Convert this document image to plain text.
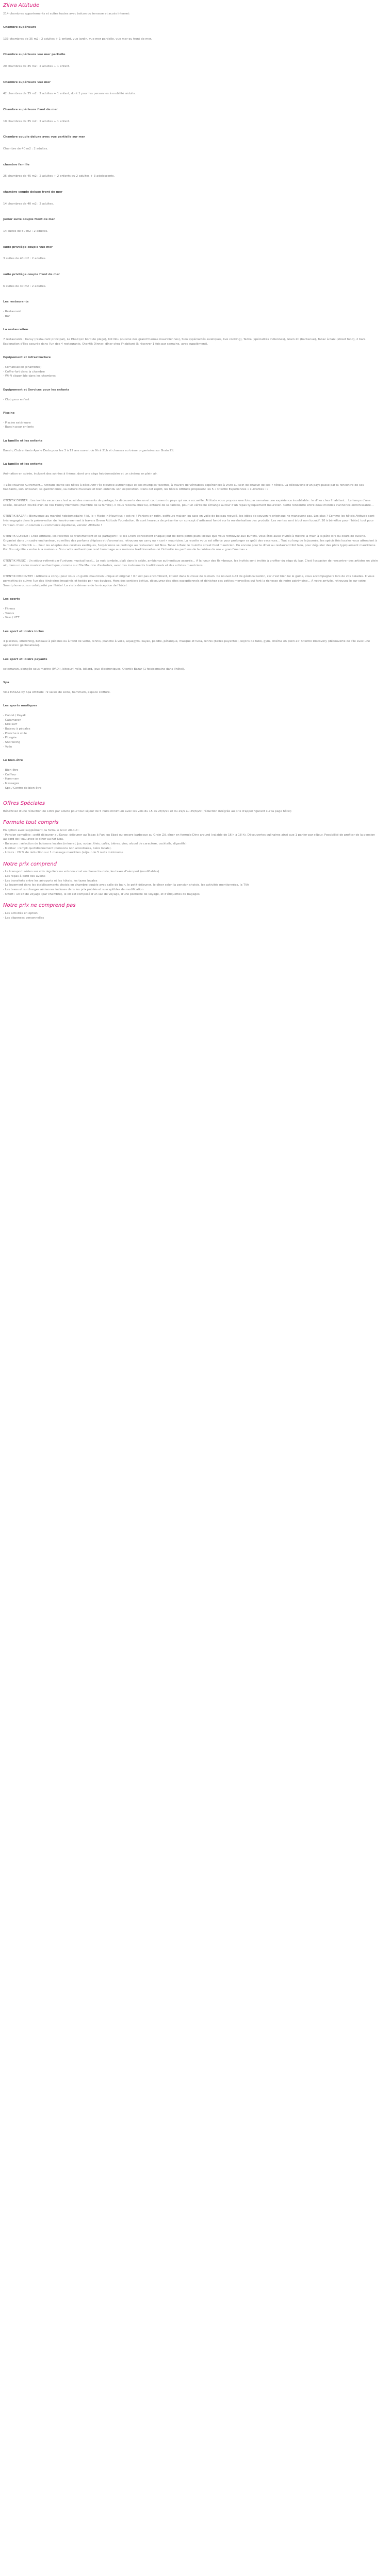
Zilwa Attitude

214 chambres appartements et suites toutes avec balcon ou terrasse et accès internet:

Chambre supérieure
133 chambres de 35 m2 : 2 adultes + 1 enfant, vue jardin, vue mer partielle, vue mer ou front de mer.
Chambre supérieure vue mer partielle
20 chambres de 35 m2 : 2 adultes + 1 enfant.
Chambre supérieure vue mer
42 chambres de 35 m2 : 2 adultes + 1 enfant, dont 1 pour les personnes à mobilité réduite.
Chambre supérieure front de mer
10 chambres de 35 m2 : 2 adultes + 1 enfant.
Chambre couple deluxe avec vue partielle sur mer
Chambre de 40 m2 : 2 adultes.
chambre famille
25 chambres de 45 m2 : 2 adultes + 2 enfants ou 2 adultes + 3 adolescents.
chambre couple deluxe front de mer
14 chambres de 40 m2 : 2 adultes.
junior suite couple front de mer
14 suites de 50 m2 : 2 adultes.
suite privilège couple vue mer
3 suites de 40 m2 : 2 adultes.
suite privilège couple front de mer
6 suites de 40 m2 : 2 adultes.
Les restaurants
- Restaurant
- Bar
La restauration
7 restaurants : Karay (restaurant principal), Le Ebad (en bord de plage), Kot Nou (cuisine des grand'mamas mauriciennes), Slow (spécialités asiatiques, live cooking), Tadka (spécialités indiennes), Grain Zil (barbecue), Tabac à Pani (street food), 2 bars. Exploration d'îles assurée dans l'un des 4 restaurants. Otentik Dinner, dîner chez l'habitant (à réserver 1 fois par semaine, avec supplément).
Equipement et infrastructure
- Climatisation (chambres)
- Coffre-fort dans la chambre
- Wi-Fi disponible dans les chambres
Equipement et Services pour les enfants
- Club pour enfant
Piscine
- Piscine extérieure
- Bassin pour enfants
La famille et les enfants
Bassin, Club enfants Ayo le Dodo pour les 3 à 12 ans ouvert de 9h à 21h et chasses au trésor organisées sur Grain Zil.
La famille et les enfants

Animation en soirée, incluant des soirées à thème, dont une séga hebdomadaire et un cinéma en plein air.

« L'île Maurice Autrement... Attitude invite ses hôtes à découvrir l'île Maurice authentique et ses multiples facettes, à travers de véritables expériences à vivre au sein de chacun de ses 7 hôtels. La découverte d'un pays passe par la rencontre de ses habitants, son artisanat, sa gastronomie, sa culture musicale et bien entendu son exploration. Dans cet esprit, les hôtels Attitude proposent les 5 « Otentik Experiences » suivantes : »

OTENTIK DINNER : Les invités vacances c'est aussi des moments de partage, la découverte des us et coutumes du pays qui nous accueille. Attitude vous propose une fois par semaine une expérience inoubliable : le dîner chez l'habitant... Le temps d'une soirée, devenez l'invité d'un de nos Family Members (membre de la famille). Il vous recevra chez lui, entouré de sa famille, pour un véritable échange autour d'un repas typiquement mauricien. Cette rencontre entre deux mondes s'annonce enrichissante...

OTENTIK BAZAR : Bienvenue au marché hebdomadaire ! Ici, le « Made in Mauritius » est roi ! Paniers en rotin, coiffeurs maison ou sacs en voile de bateau recyclé, les idées de souvenirs originaux ne manquent pas. Les plus ? Comme les hôtels Attitude sont très engagés dans la préservation de l'environnement à travers Green Attitude Foundation, ils sont heureux de présenter un concept d'artisanat fondé sur la revalorisation des produits. Les ventes sont à but non lucratif, 20 à bénéfice pour l'hôtel, tout pour l'artisan. C'est un soutien au commerce équitable, version Attitude !

OTENTIK CUISINE : Chez Attitude, les recettes se transmettent et se partagent ! Si les Chefs concoctent chaque jour de bons petits plats locaux que vous retrouvez aux buffets, vous êtes aussi invités à mettre la main à la pâte lors du cours de cuisine. Organisé dans un cadre enchanteur, au milieu des parfums d'épices et d'aromates, retrouvez un carry ou « cari » mauricien. La recette vous est offerte pour prolonger ce goût des vacances... Tout au long de la journée, les spécialités locales vous attendent à la roulotte « Otentik »... Pour les adeptes des cuisines exotiques, l'expérience se prolonge au restaurant Kot Nou. Tabac à Pani, le roulotte street food mauricien. Ou encore pour le dîner au restaurant Kot Nou, pour déguster des plats typiquement mauriciens. Kot Nou signifie « entre à la maison ». Son cadre authentique rend hommage aux maisons traditionnelles où l'intimité les parfums de la cuisine de nos « grand'mamas ».

OTENTIK MUSIC : Un séjour rythmé par l'univers musical local... Le nuit tombée, plaît dans le sable, ambiance authentique assurée... A la lueur des flambeaux, les invités sont invités à profiter du séga du bar. C'est l'occasion de rencontrer des artistes en plein air, dans un cadre musical authentique, comme sur l'île Maurice d'autrefois, avec des instruments traditionnels et des artistes mauriciens...

OTENTIK DISCOVERY : Attitude a conçu pour vous un guide mauricien unique et original ! Il n'est pas encombrant, il tient dans le creux de la main. Ce nouvel outil de géolocalisation, car c'est bien lui le guide, vous accompagnera lors de vos balades. Il vous permettra de suivre l'un des itinéraires imaginés et testés par nos équipes. Hors des sentiers battus, découvrez des sites exceptionnels et dénichez ces petites merveilles qui font la richesse de notre patrimoine... A votre arrivée, retrouvez le sur votre Smartphone ou sur celui prêté par l'hôtel. La visite démarre de la réception de l'hôtel.

Les sports
- Fitness
- Tennis
- Vélo / VTT
Les sport et loisirs inclus
4 piscines, stretching, bateaux à pédales ou à fond de verre, tennis, planche à voile, aquagym, kayak, paddle, pétanque, masque et tuba, tennis (balles payantes), leçons de tubo, gym, cinéma en plein air, Otentik Discovery (découverte de l'île avec une application géolocalisée).
Les sport et loisirs payants
catamaran, plongée sous-marine (PADI), kitesurf, vélo, billard, jeux électroniques. Otentik Bazar (1 fois/semaine dans l'hôtel).
Spa
Villa MASAZ by Spa Attitude : 9 salles de soins, hammam, espace coiffure.
Les sports nautiques
- Canoë / Kayak
- Catamaran
- Kite surf
- Bateau à pédales
- Planche à voile
- Plongée
- Snorkeling
- Voile
Le bien-être
- Bien-être
- Coiffeur
- Hammam
- Massages
- Spa / Centre de bien-être
Offres Spéciales
Bénéficiez d'une réduction de 100€ par adulte pour tout séjour de 5 nuits minimum avec les vols du 15 au 28/3/20 et du 29/5 au 25/6/20 (réduction intégrée au prix d'appel figurant sur la page hôtel)
Formule tout compris
En option avec supplément, la formule All-in All-out :
- Pension complète : petit déjeuner au Karay, déjeuner au Tabac à Pani ou Ebad ou encore barbecue au Grain Zil, dîner en formule Dine around (valable de 16 h à 18 h). Découvertes culinaires ainsi que 1 panier par séjour. Possibilité de profiter de la pension au bord de l'eau avec le dîner au Kot Nou.
- Boissons : sélection de boissons locales (mineral, jus, sodas, thés, cafés, bières, vins, alcool de caractère, cocktails, digestifs).
- Minibar : rempli quotidiennement (boissons non alcoolisées, bière locale).
- Loisirs : 20 % de réduction sur 1 massage mauricien (séjour de 5 nuits minimum).
Notre prix comprend
- Le transport aérien sur vols réguliers ou vols low cost en classe touriste, les taxes d'aéroport (modifiables)
- Les repas à bord des avions
- Les transferts entre les aéroports et les hôtels, les taxes locales
- Le logement dans les établissements choisis en chambre double avec salle de bain, le petit-déjeuner, le dîner selon la pension choisie, les activités mentionnées, la TVA
- Les taxes et surcharges aériennes incluses dans les prix publiés et susceptibles de modification
- Offert : un kit de voyage (par chambre), le kit est composé d'un sac de voyage, d'une pochette de voyage, et d'étiquettes de bagages.
Notre prix ne comprend pas
- Les activités en option
- Les dépenses personnelles
